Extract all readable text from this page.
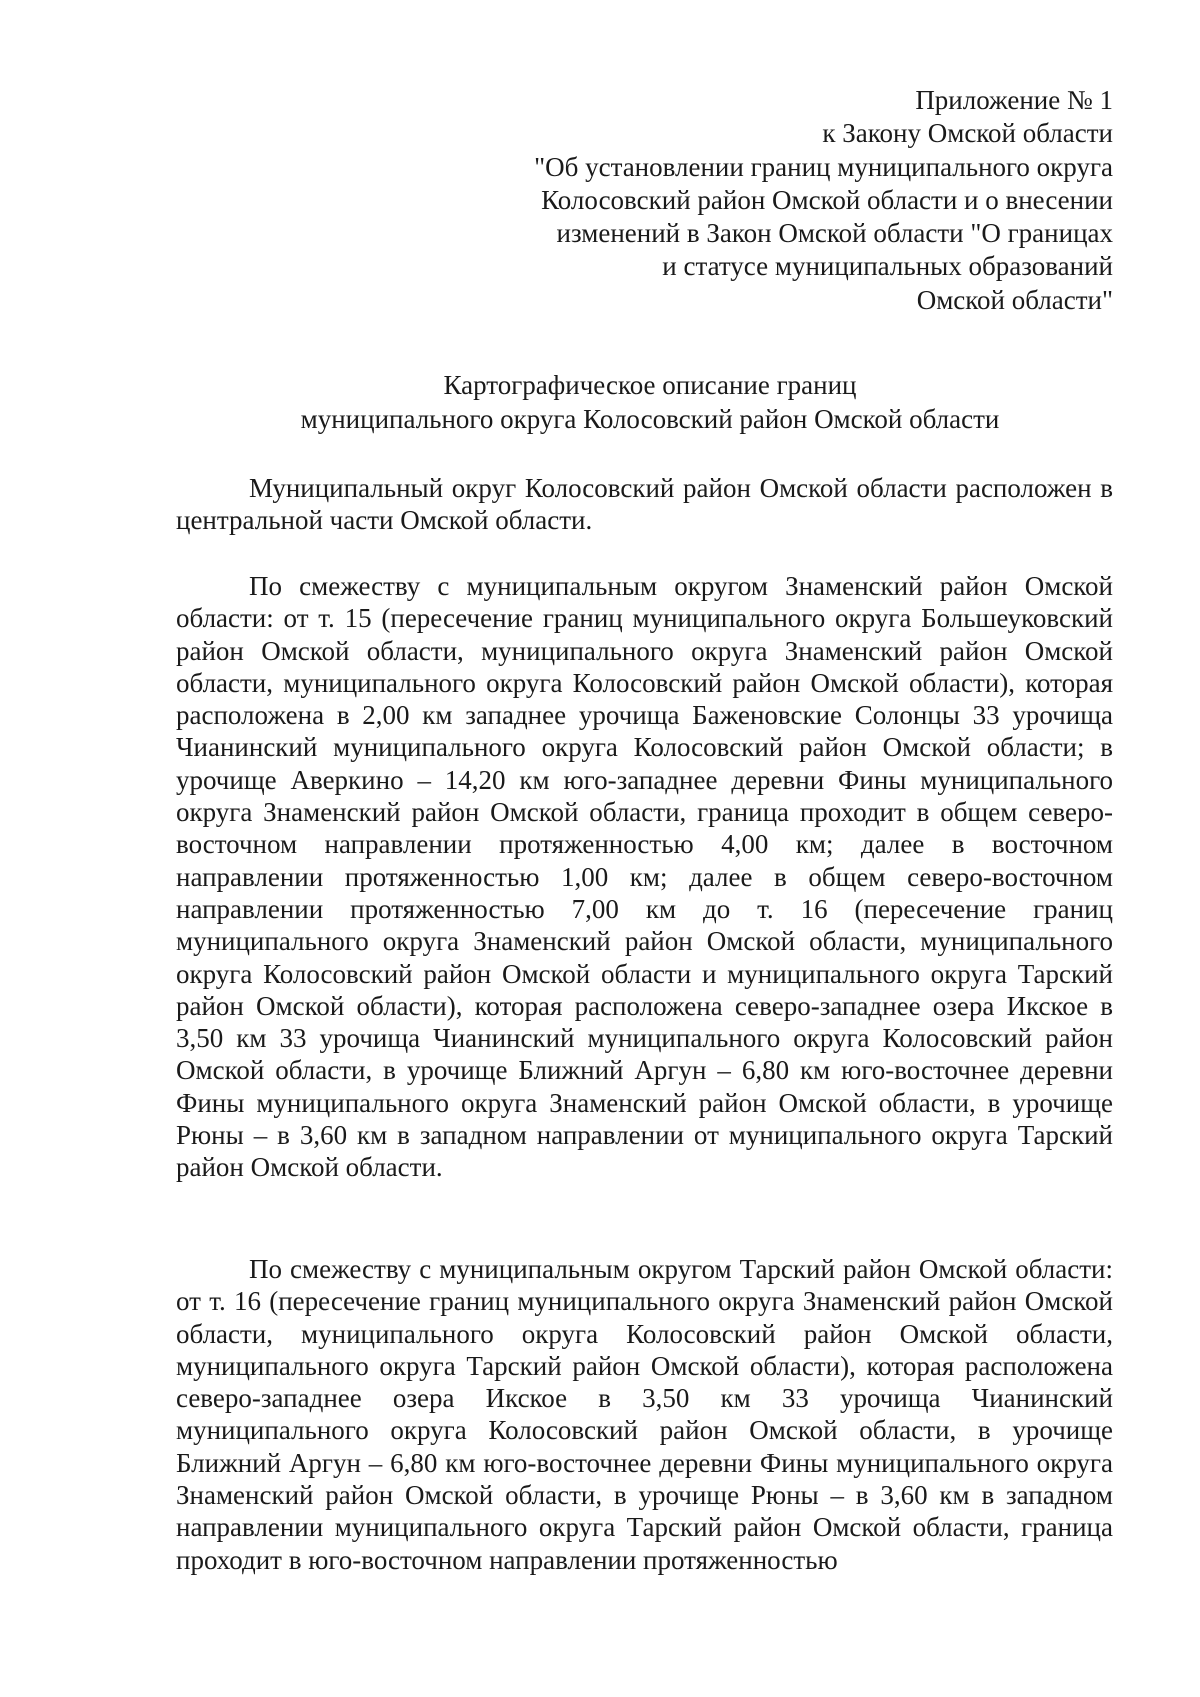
Приложение № 1
к Закону Омской области
"Об установлении границ муниципального округа
Колосовский район Омской области и о внесении
изменений в Закон Омской области "О границах
и статусе муниципальных образований
Омской области"
Картографическое описание границ
муниципального округа Колосовский район Омской области

Муниципальный округ Колосовский район Омской области расположен в центральной части Омской области.

По смежеству с муниципальным округом Знаменский район Омской области: от т. 15 (пересечение границ муниципального округа Большеуковский район Омской области, муниципального округа Знаменский район Омской области, муниципального округа Колосовский район Омской области), которая расположена в 2,00 км западнее урочища Баженовские Солонцы 33 урочища Чианинский муниципального округа Колосовский район Омской области; в урочище Аверкино – 14,20 км юго-западнее деревни Фины муниципального округа Знаменский район Омской области, граница проходит в общем северо-восточном направлении протяженностью 4,00 км; далее в восточном направлении протяженностью 1,00 км; далее в общем северо-восточном направлении протяженностью 7,00 км до т. 16 (пересечение границ муниципального округа Знаменский район Омской области, муниципального округа Колосовский район Омской области и муниципального округа Тарский район Омской области), которая расположена северо-западнее озера Икское в 3,50 км 33 урочища Чианинский муниципального округа Колосовский район Омской области, в урочище Ближний Аргун – 6,80 км юго-восточнее деревни Фины муниципального округа Знаменский район Омской области, в урочище Рюны – в 3,60 км в западном направлении от муниципального округа Тарский район Омской области.

По смежеству с муниципальным округом Тарский район Омской области: от т. 16 (пересечение границ муниципального округа Знаменский район Омской области, муниципального округа Колосовский район Омской области, муниципального округа Тарский район Омской области), которая расположена северо-западнее озера Икское в 3,50 км 33 урочища Чианинский муниципального округа Колосовский район Омской области, в урочище Ближний Аргун – 6,80 км юго-восточнее деревни Фины муниципального округа Знаменский район Омской области, в урочище Рюны – в 3,60 км в западном направлении муниципального округа Тарский район Омской области, граница проходит в юго-восточном направлении протяженностью
